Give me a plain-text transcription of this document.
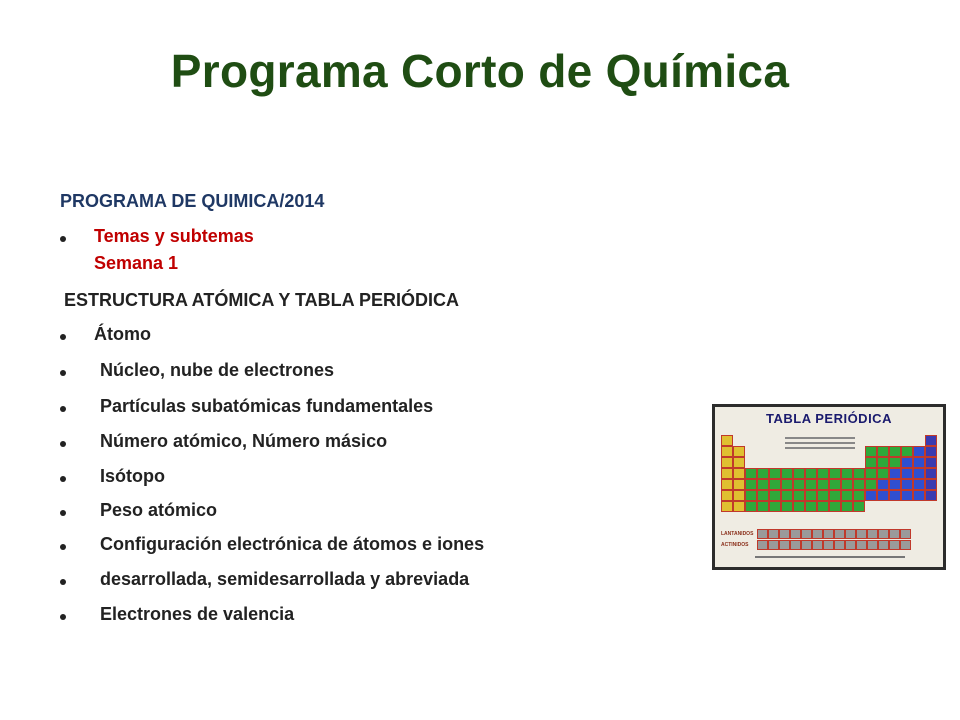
Programa Corto de Química
PROGRAMA DE QUIMICA/2014
Temas y subtemas
Semana 1
ESTRUCTURA ATÓMICA Y TABLA PERIÓDICA
Átomo
Núcleo, nube de electrones
Partículas subatómicas fundamentales
Número atómico, Número másico
Isótopo
Peso atómico
Configuración electrónica de átomos e iones
desarrollada, semidesarrollada y abreviada
Electrones de valencia
TABLA PERIÓDICA
LANTANIDOS
ACTINIDOS
